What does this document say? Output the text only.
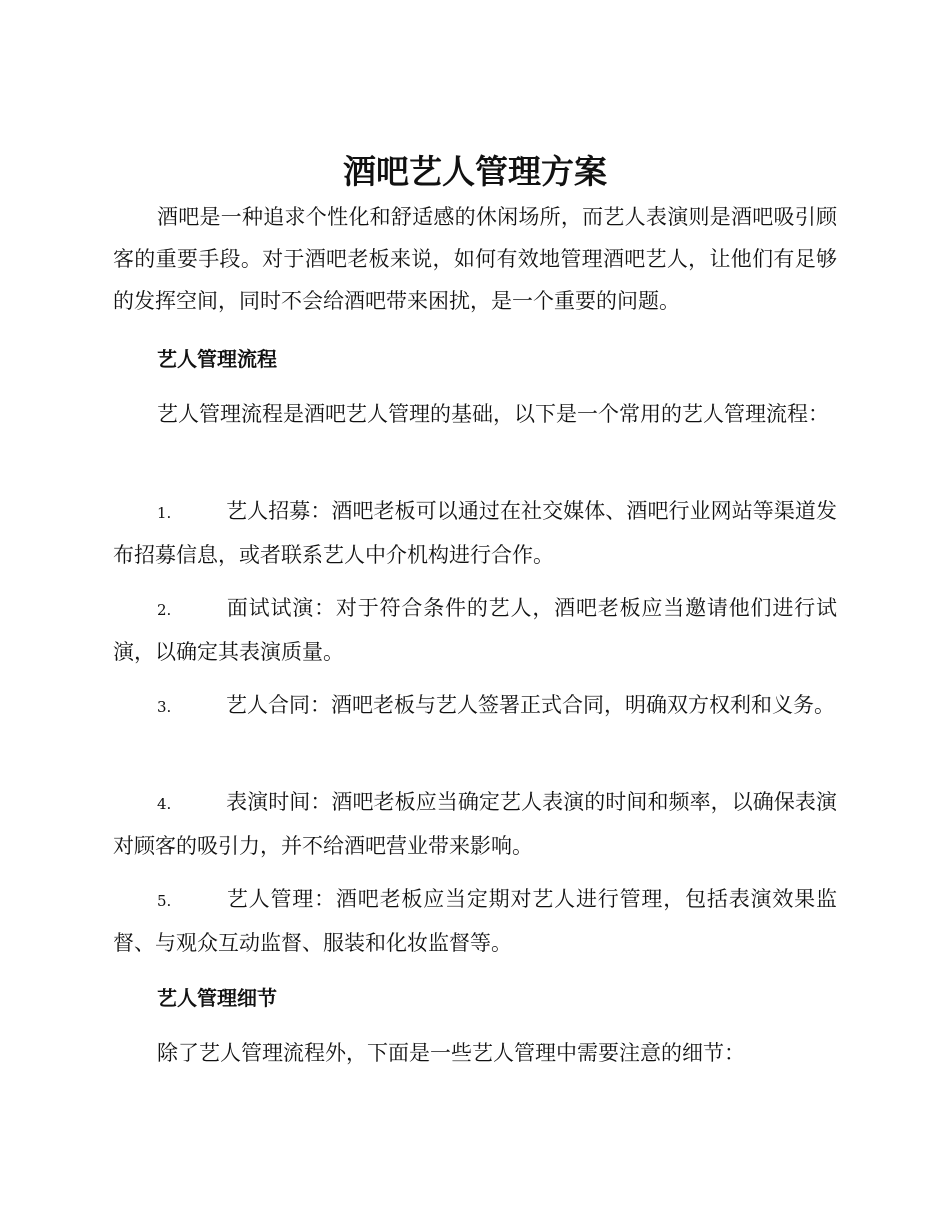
酒吧艺人管理方案

酒吧是一种追求个性化和舒适感的休闲场所，而艺人表演则是酒吧吸引顾客的重要手段。对于酒吧老板来说，如何有效地管理酒吧艺人，让他们有足够的发挥空间，同时不会给酒吧带来困扰，是一个重要的问题。

艺人管理流程

艺人管理流程是酒吧艺人管理的基础，以下是一个常用的艺人管理流程：

1.	艺人招募：酒吧老板可以通过在社交媒体、酒吧行业网站等渠道发布招募信息，或者联系艺人中介机构进行合作。

2.	面试试演：对于符合条件的艺人，酒吧老板应当邀请他们进行试演，以确定其表演质量。

3.	艺人合同：酒吧老板与艺人签署正式合同，明确双方权利和义务。

4.	表演时间：酒吧老板应当确定艺人表演的时间和频率，以确保表演对顾客的吸引力，并不给酒吧营业带来影响。

5.	艺人管理：酒吧老板应当定期对艺人进行管理，包括表演效果监督、与观众互动监督、服装和化妆监督等。

艺人管理细节

除了艺人管理流程外，下面是一些艺人管理中需要注意的细节：
